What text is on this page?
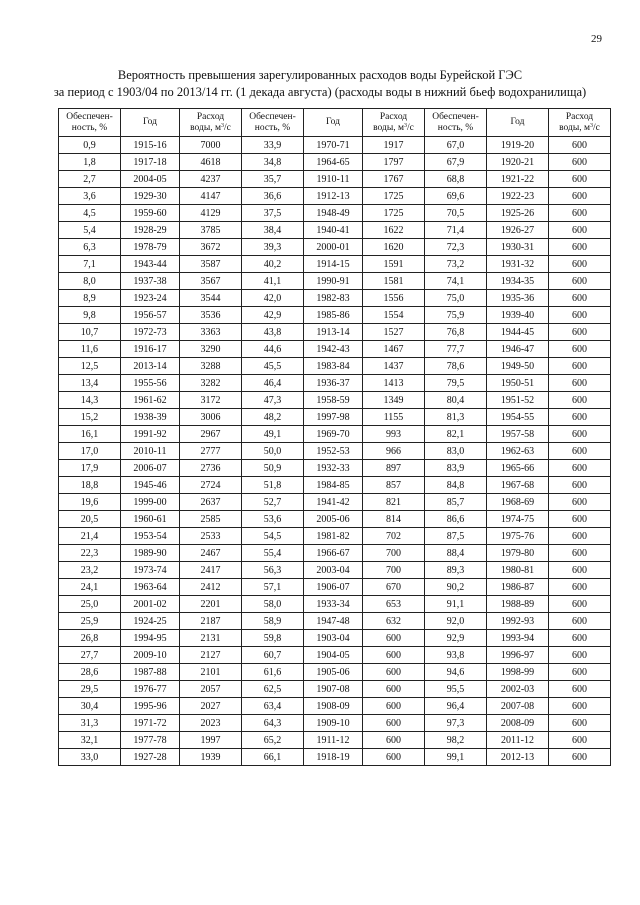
29
Вероятность превышения зарегулированных расходов воды Бурейской ГЭС
за период с 1903/04 по 2013/14 гг. (1 декада августа) (расходы воды в нижний бьеф водохранилища)
Обеспечен-
ность, %	Год	Расход
воды, $м^3/с$	Обеспечен-
ность, %	Год	Расход
воды, $м^3/с$	Обеспечен-
ность, %	Год	Расход
воды, $м^3/с$
0,9	1915-16	7000	33,9	1970-71	1917	67,0	1919-20	600
1,8	1917-18	4618	34,8	1964-65	1797	67,9	1920-21	600
2,7	2004-05	4237	35,7	1910-11	1767	68,8	1921-22	600
3,6	1929-30	4147	36,6	1912-13	1725	69,6	1922-23	600
4,5	1959-60	4129	37,5	1948-49	1725	70,5	1925-26	600
5,4	1928-29	3785	38,4	1940-41	1622	71,4	1926-27	600
6,3	1978-79	3672	39,3	2000-01	1620	72,3	1930-31	600
7,1	1943-44	3587	40,2	1914-15	1591	73,2	1931-32	600
8,0	1937-38	3567	41,1	1990-91	1581	74,1	1934-35	600
8,9	1923-24	3544	42,0	1982-83	1556	75,0	1935-36	600
9,8	1956-57	3536	42,9	1985-86	1554	75,9	1939-40	600
10,7	1972-73	3363	43,8	1913-14	1527	76,8	1944-45	600
11,6	1916-17	3290	44,6	1942-43	1467	77,7	1946-47	600
12,5	2013-14	3288	45,5	1983-84	1437	78,6	1949-50	600
13,4	1955-56	3282	46,4	1936-37	1413	79,5	1950-51	600
14,3	1961-62	3172	47,3	1958-59	1349	80,4	1951-52	600
15,2	1938-39	3006	48,2	1997-98	1155	81,3	1954-55	600
16,1	1991-92	2967	49,1	1969-70	993	82,1	1957-58	600
17,0	2010-11	2777	50,0	1952-53	966	83,0	1962-63	600
17,9	2006-07	2736	50,9	1932-33	897	83,9	1965-66	600
18,8	1945-46	2724	51,8	1984-85	857	84,8	1967-68	600
19,6	1999-00	2637	52,7	1941-42	821	85,7	1968-69	600
20,5	1960-61	2585	53,6	2005-06	814	86,6	1974-75	600
21,4	1953-54	2533	54,5	1981-82	702	87,5	1975-76	600
22,3	1989-90	2467	55,4	1966-67	700	88,4	1979-80	600
23,2	1973-74	2417	56,3	2003-04	700	89,3	1980-81	600
24,1	1963-64	2412	57,1	1906-07	670	90,2	1986-87	600
25,0	2001-02	2201	58,0	1933-34	653	91,1	1988-89	600
25,9	1924-25	2187	58,9	1947-48	632	92,0	1992-93	600
26,8	1994-95	2131	59,8	1903-04	600	92,9	1993-94	600
27,7	2009-10	2127	60,7	1904-05	600	93,8	1996-97	600
28,6	1987-88	2101	61,6	1905-06	600	94,6	1998-99	600
29,5	1976-77	2057	62,5	1907-08	600	95,5	2002-03	600
30,4	1995-96	2027	63,4	1908-09	600	96,4	2007-08	600
31,3	1971-72	2023	64,3	1909-10	600	97,3	2008-09	600
32,1	1977-78	1997	65,2	1911-12	600	98,2	2011-12	600
33,0	1927-28	1939	66,1	1918-19	600	99,1	2012-13	600
